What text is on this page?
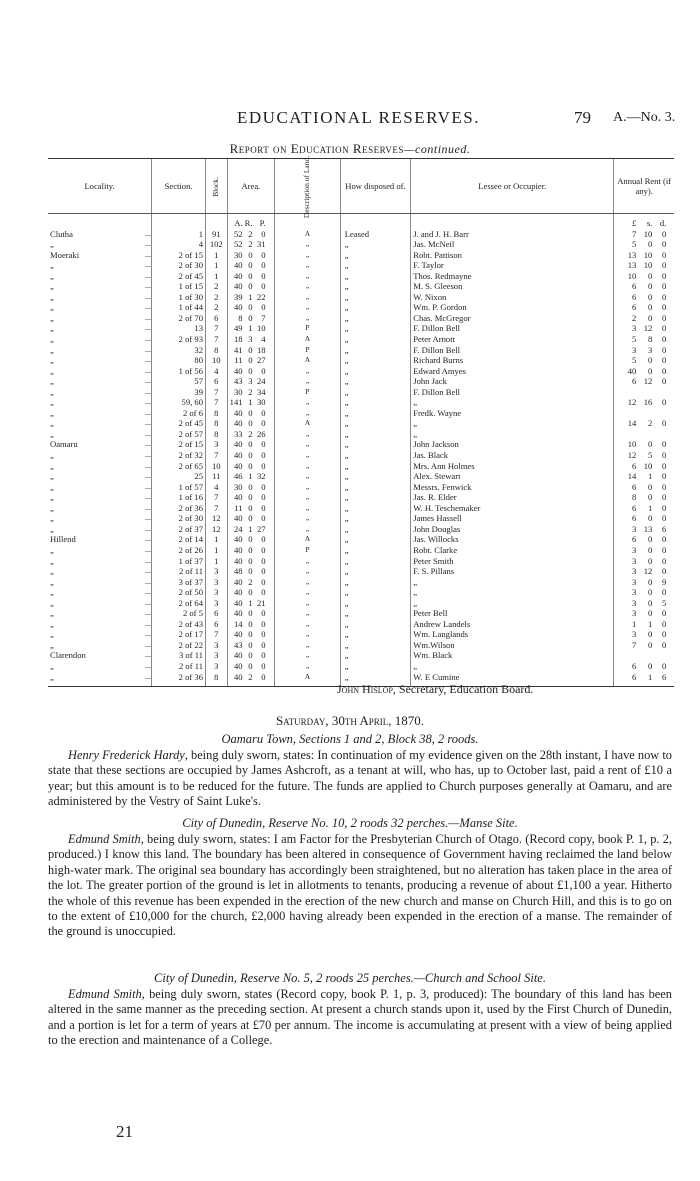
EDUCATIONAL RESERVES.	79 A.—No. 3.
Report on Education Reserves—continued.
Locality.	Section.	Block.	Area.	Description of Land.	How disposed of.	Lessee or Occupier.	Annual Rent (if any).
			A. R. P.				£ s. d.
Clutha ...	1	91	52 2 0	A	Leased	J. and J. H. Barr	7 10 0
„ ...	4	102	52 2 31	„	„	Jas. McNeil	5 0 0
Moeraki ...	2 of 15	1	30 0 0	„	„	Robt. Pattison	13 10 0
„ ...	2 of 30	1	40 0 0	„	„	F. Taylor	13 10 0
„ ...	2 of 45	1	40 0 0	„	„	Thos. Redmayne	10 0 0
„ ...	1 of 15	2	40 0 0	„	„	M. S. Gleeson	6 0 0
„ ...	1 of 30	2	39 1 22	„	„	W. Nixon	6 0 0
„ ...	1 of 44	2	40 0 0	„	„	Wm. P. Gordon	6 0 0
„ ...	2 of 70	6	8 0 7	„	„	Chas. McGregor	2 0 0
„ ...	13	7	49 1 10	P	„	F. Dillon Bell	3 12 0
„ ...	2 of 93	7	18 3 4	A	„	Peter Arnott	5 8 0
„ ...	32	8	41 0 18	P	„	F. Dillon Bell	3 3 0
„ ...	80	10	11 0 27	A	„	Richard Burns	5 0 0
„ ...	1 of 56	4	40 0 0	„	„	Edward Amyes	40 0 0
„ ...	57	6	43 3 24	„	„	John Jack	6 12 0
„ ...	39	7	30 2 34	P	„	F. Dillon Bell	
„ ...	59, 60	7	141 1 30	„	„	„	12 16 0
„ ...	2 of 6	8	40 0 0	„	„	Fredk. Wayne	
„ ...	2 of 45	8	40 0 0	A	„	„	14 2 0
„ ...	2 of 57	8	33 2 26	„	„	„	
Oamaru ...	2 of 15	3	40 0 0	„	„	John Jackson	10 0 0
„ ...	2 of 32	7	40 0 0	„	„	Jas. Black	12 5 0
„ ...	2 of 65	10	40 0 0	„	„	Mrs. Ann Holmes	6 10 0
„ ...	25	11	46 1 32	„	„	Alex. Stewart	14 1 0
„ ...	1 of 57	4	30 0 0	„	„	Messrs. Fenwick	6 0 0
„ ...	1 of 16	7	40 0 0	„	„	Jas. R. Elder	8 0 0
„ ...	2 of 36	7	11 0 0	„	„	W. H. Teschemaker	6 1 0
„ ...	2 of 30	12	40 0 0	„	„	James Hassell	6 0 0
„ ...	2 of 37	12	24 1 27	„	„	John Douglas	3 13 6
Hillend ...	2 of 14	1	40 0 0	A	„	Jas. Willocks	6 0 0
„ ...	2 of 26	1	40 0 0	P	„	Robt. Clarke	3 0 0
„ ...	1 of 37	1	40 0 0	„	„	Peter Smith	3 0 0
„ ...	2 of 11	3	48 0 0	„	„	F. S. Pillans	3 12 0
„ ...	3 of 37	3	40 2 0	„	„	„	3 0 9
„ ...	2 of 50	3	40 0 0	„	„	„	3 0 0
„ ...	2 of 64	3	40 1 21	„	„	„	3 0 5
„ ...	2 of 5	6	40 0 0	„	„	Peter Bell	3 0 0
„ ...	2 of 43	6	14 0 0	„	„	Andrew Landels	1 1 0
„ ...	2 of 17	7	40 0 0	„	„	Wm. Langlands	3 0 0
„ ...	2 of 22	3	43 0 0	„	„	Wm.Wilson	7 0 0
Clarendon ...	3 of 11	3	40 0 0	„	„	Wm. Black	
„ ...	2 of 11	3	40 0 0	„	„	„	6 0 0
„ ...	2 of 36	8	40 2 0	A	„	W. E Cumine	6 1 6
John Hislop, Secretary, Education Board.
Saturday, 30th April, 1870.
Oamaru Town, Sections 1 and 2, Block 38, 2 roods.
Henry Frederick Hardy, being duly sworn, states: In continuation of my evidence given on the 28th instant, I have now to state that these sections are occupied by James Ashcroft, as a tenant at will, who has, up to October last, paid a rent of £10 a year; but this amount is to be reduced for the future. The funds are applied to Church purposes generally at Oamaru, and are administered by the Vestry of Saint Luke's.
City of Dunedin, Reserve No. 10, 2 roods 32 perches.—Manse Site.
Edmund Smith, being duly sworn, states: I am Factor for the Presbyterian Church of Otago. (Record copy, book P. 1, p. 2, produced.) I know this land. The boundary has been altered in consequence of Government having reclaimed the land below high-water mark. The original sea boundary has accordingly been straightened, but no alteration has taken place in the area of the lot. The greater portion of the ground is let in allotments to tenants, producing a revenue of about £1,100 a year. Hitherto the whole of this revenue has been expended in the erection of the new church and manse on Church Hill, and this is to go on to the extent of £10,000 for the church, £2,000 having already been expended in the erection of a manse. The remainder of the ground is unoccupied.
City of Dunedin, Reserve No. 5, 2 roods 25 perches.—Church and School Site.
Edmund Smith, being duly sworn, states (Record copy, book P. 1, p. 3, produced): The boundary of this land has been altered in the same manner as the preceding section. At present a church stands upon it, used by the First Church of Dunedin, and a portion is let for a term of years at £70 per annum. The income is accumulating at present with a view of being applied to the erection and maintenance of a College.
21
